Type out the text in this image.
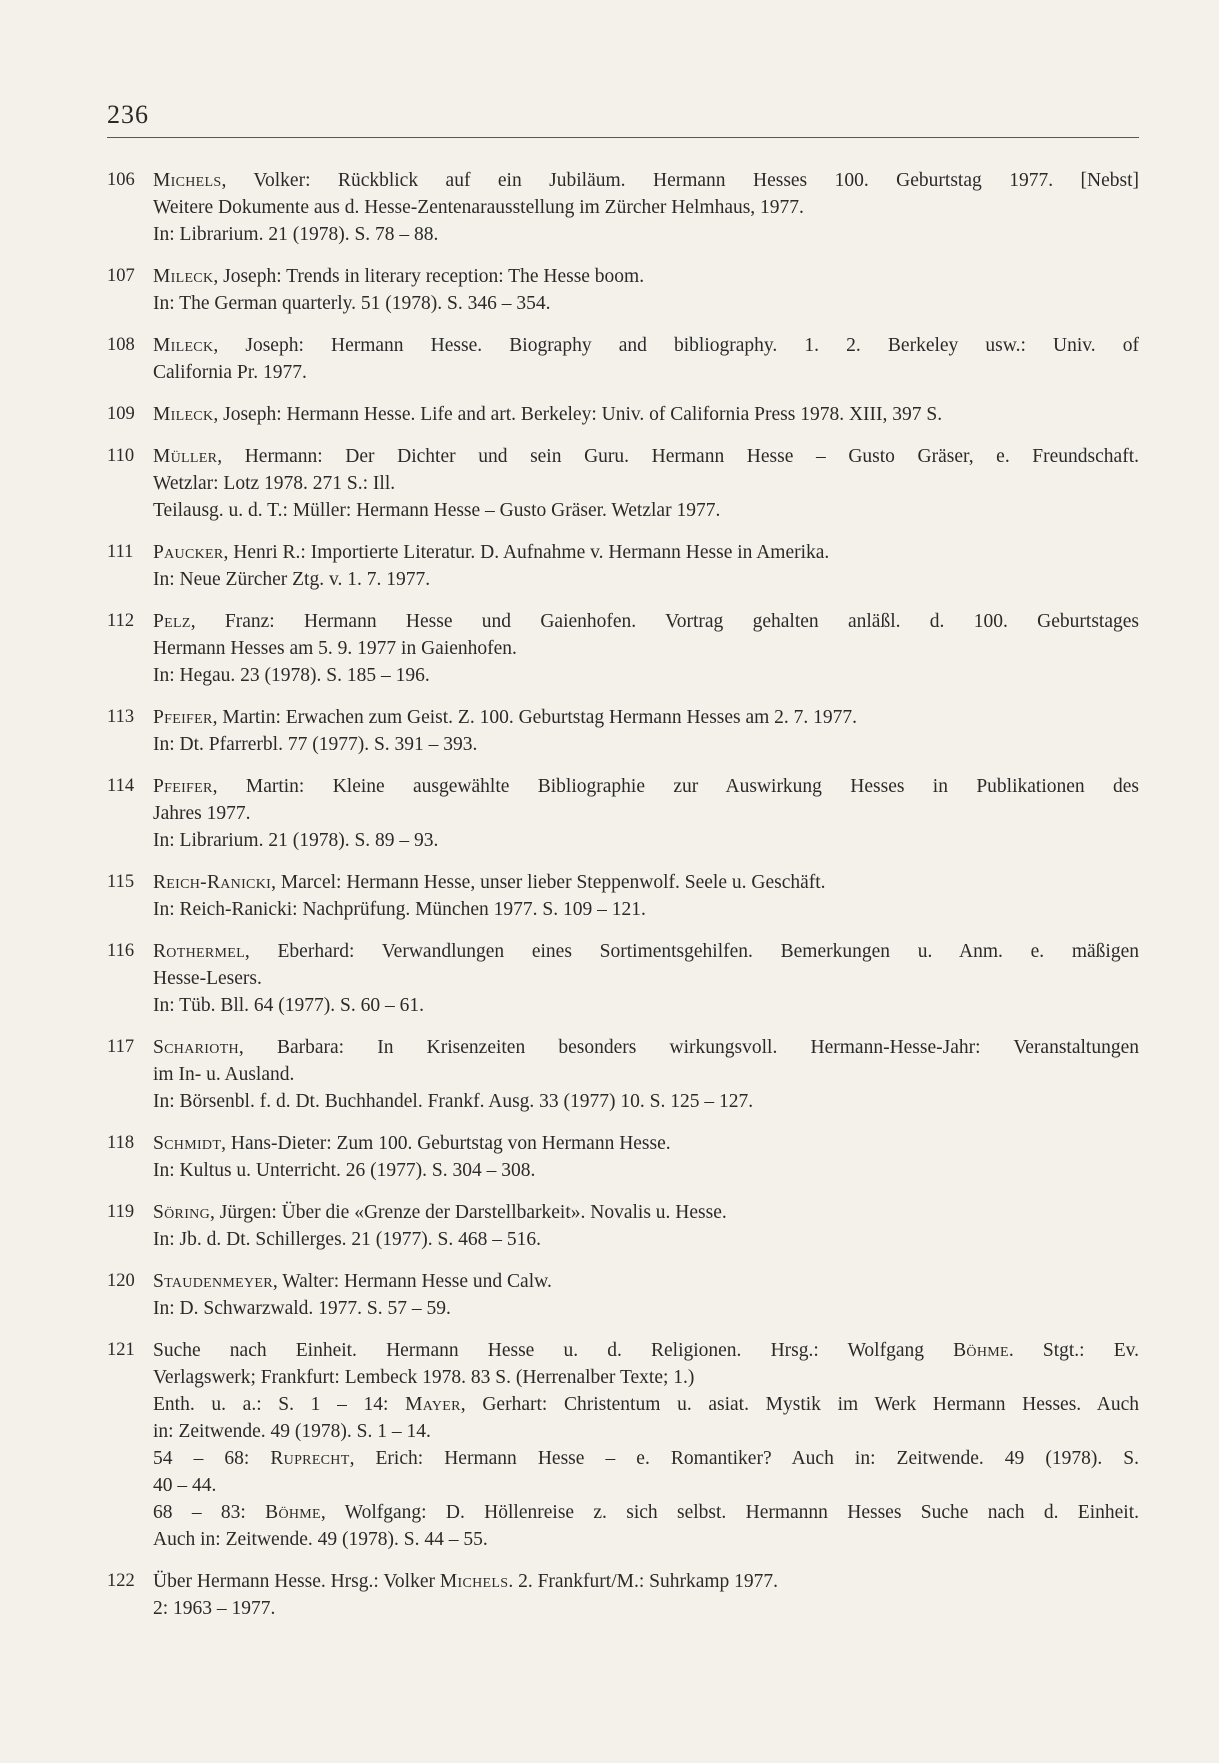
236
106 Michels, Volker: Rückblick auf ein Jubiläum. Hermann Hesses 100. Geburtstag 1977. [Nebst]

Weitere Dokumente aus d. Hesse-Zentenarausstellung im Zürcher Helmhaus, 1977.

In: Librarium. 21 (1978). S. 78 – 88.

107 Mileck, Joseph: Trends in literary reception: The Hesse boom.

In: The German quarterly. 51 (1978). S. 346 – 354.

108 Mileck, Joseph: Hermann Hesse. Biography and bibliography. 1. 2. Berkeley usw.: Univ. of

California Pr. 1977.

109 Mileck, Joseph: Hermann Hesse. Life and art. Berkeley: Univ. of California Press 1978. XIII, 397 S.

110 Müller, Hermann: Der Dichter und sein Guru. Hermann Hesse – Gusto Gräser, e. Freundschaft.

Wetzlar: Lotz 1978. 271 S.: Ill.

Teilausg. u. d. T.: Müller: Hermann Hesse – Gusto Gräser. Wetzlar 1977.

111	Paucker, Henri R.: Importierte Literatur. D. Aufnahme v. Hermann Hesse in Amerika.

In: Neue Zürcher Ztg. v. 1. 7. 1977.

112 Pelz, Franz: Hermann Hesse und Gaienhofen. Vortrag gehalten anläßl. d. 100. Geburtstages

Hermann Hesses am 5. 9. 1977 in Gaienhofen.

In: Hegau. 23 (1978). S. 185 – 196.

113 Pfeifer, Martin: Erwachen zum Geist. Z. 100. Geburtstag Hermann Hesses am 2. 7. 1977.

In: Dt. Pfarrerbl. 77 (1977). S. 391 – 393.

114 Pfeifer, Martin: Kleine ausgewählte Bibliographie zur Auswirkung Hesses in Publikationen des

Jahres 1977.

In: Librarium. 21 (1978). S. 89 – 93.

115 Reich-Ranicki, Marcel: Hermann Hesse, unser lieber Steppenwolf. Seele u. Geschäft.

In: Reich-Ranicki: Nachprüfung. München 1977. S. 109 – 121.

116 Rothermel, Eberhard: Verwandlungen eines Sortimentsgehilfen. Bemerkungen u. Anm. e. mäßigen

Hesse-Lesers.

In: Tüb. Bll. 64 (1977). S. 60 – 61.

117 Scharioth, Barbara: In Krisenzeiten besonders wirkungsvoll. Hermann-Hesse-Jahr: Veranstaltungen

im In- u. Ausland.

In: Börsenbl. f. d. Dt. Buchhandel. Frankf. Ausg. 33 (1977) 10. S. 125 – 127.

118 Schmidt, Hans-Dieter: Zum 100. Geburtstag von Hermann Hesse.

In: Kultus u. Unterricht. 26 (1977). S. 304 – 308.

119 Söring, Jürgen: Über die «Grenze der Darstellbarkeit». Novalis u. Hesse.

In: Jb. d. Dt. Schillerges. 21 (1977). S. 468 – 516.

120 Staudenmeyer, Walter: Hermann Hesse und Calw.

In: D. Schwarzwald. 1977. S. 57 – 59.

121 Suche nach Einheit. Hermann Hesse u. d. Religionen. Hrsg.: Wolfgang Böhme. Stgt.: Ev.

Verlagswerk; Frankfurt: Lembeck 1978. 83 S. (Herrenalber Texte; 1.)

Enth. u. a.: S. 1 – 14: Mayer, Gerhart: Christentum u. asiat. Mystik im Werk Hermann Hesses. Auch

in: Zeitwende. 49 (1978). S. 1 – 14.

54 – 68: Ruprecht, Erich: Hermann Hesse – e. Romantiker? Auch in: Zeitwende. 49 (1978). S.

40 – 44.

68 – 83: Böhme, Wolfgang: D. Höllenreise z. sich selbst. Hermannn Hesses Suche nach d. Einheit.

Auch in: Zeitwende. 49 (1978). S. 44 – 55.

122 Über Hermann Hesse. Hrsg.: Volker Michels. 2. Frankfurt/M.: Suhrkamp 1977.

2: 1963 – 1977.
